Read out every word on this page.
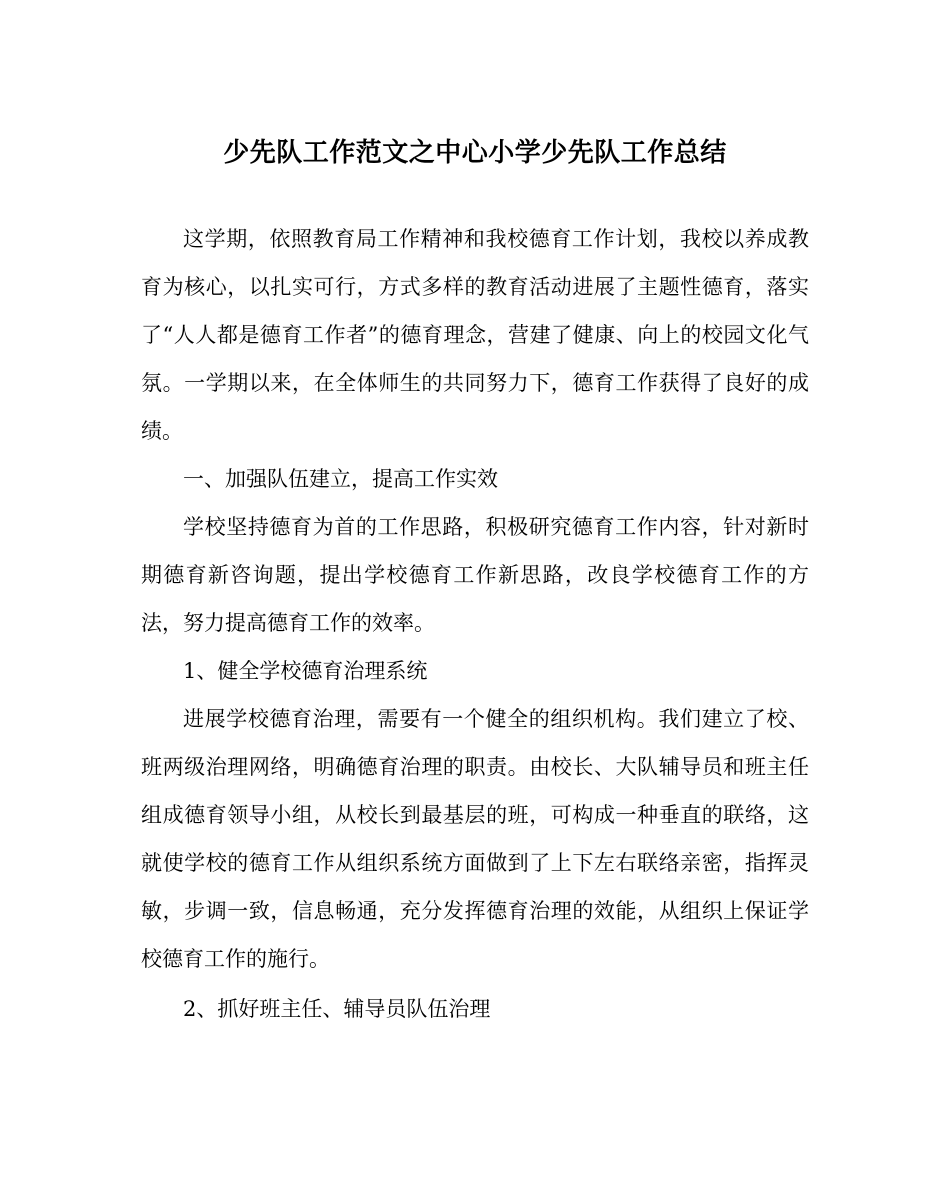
少先队工作范文之中心小学少先队工作总结

这学期，依照教育局工作精神和我校德育工作计划，我校以养成教育为核心，以扎实可行，方式多样的教育活动进展了主题性德育，落实了“人人都是德育工作者”的德育理念，营建了健康、向上的校园文化气氛。一学期以来，在全体师生的共同努力下，德育工作获得了良好的成绩。

一、加强队伍建立，提高工作实效

学校坚持德育为首的工作思路，积极研究德育工作内容，针对新时期德育新咨询题，提出学校德育工作新思路，改良学校德育工作的方法，努力提高德育工作的效率。

1、健全学校德育治理系统

进展学校德育治理，需要有一个健全的组织机构。我们建立了校、班两级治理网络，明确德育治理的职责。由校长、大队辅导员和班主任组成德育领导小组，从校长到最基层的班，可构成一种垂直的联络，这就使学校的德育工作从组织系统方面做到了上下左右联络亲密，指挥灵敏，步调一致，信息畅通，充分发挥德育治理的效能，从组织上保证学校德育工作的施行。

2、抓好班主任、辅导员队伍治理
